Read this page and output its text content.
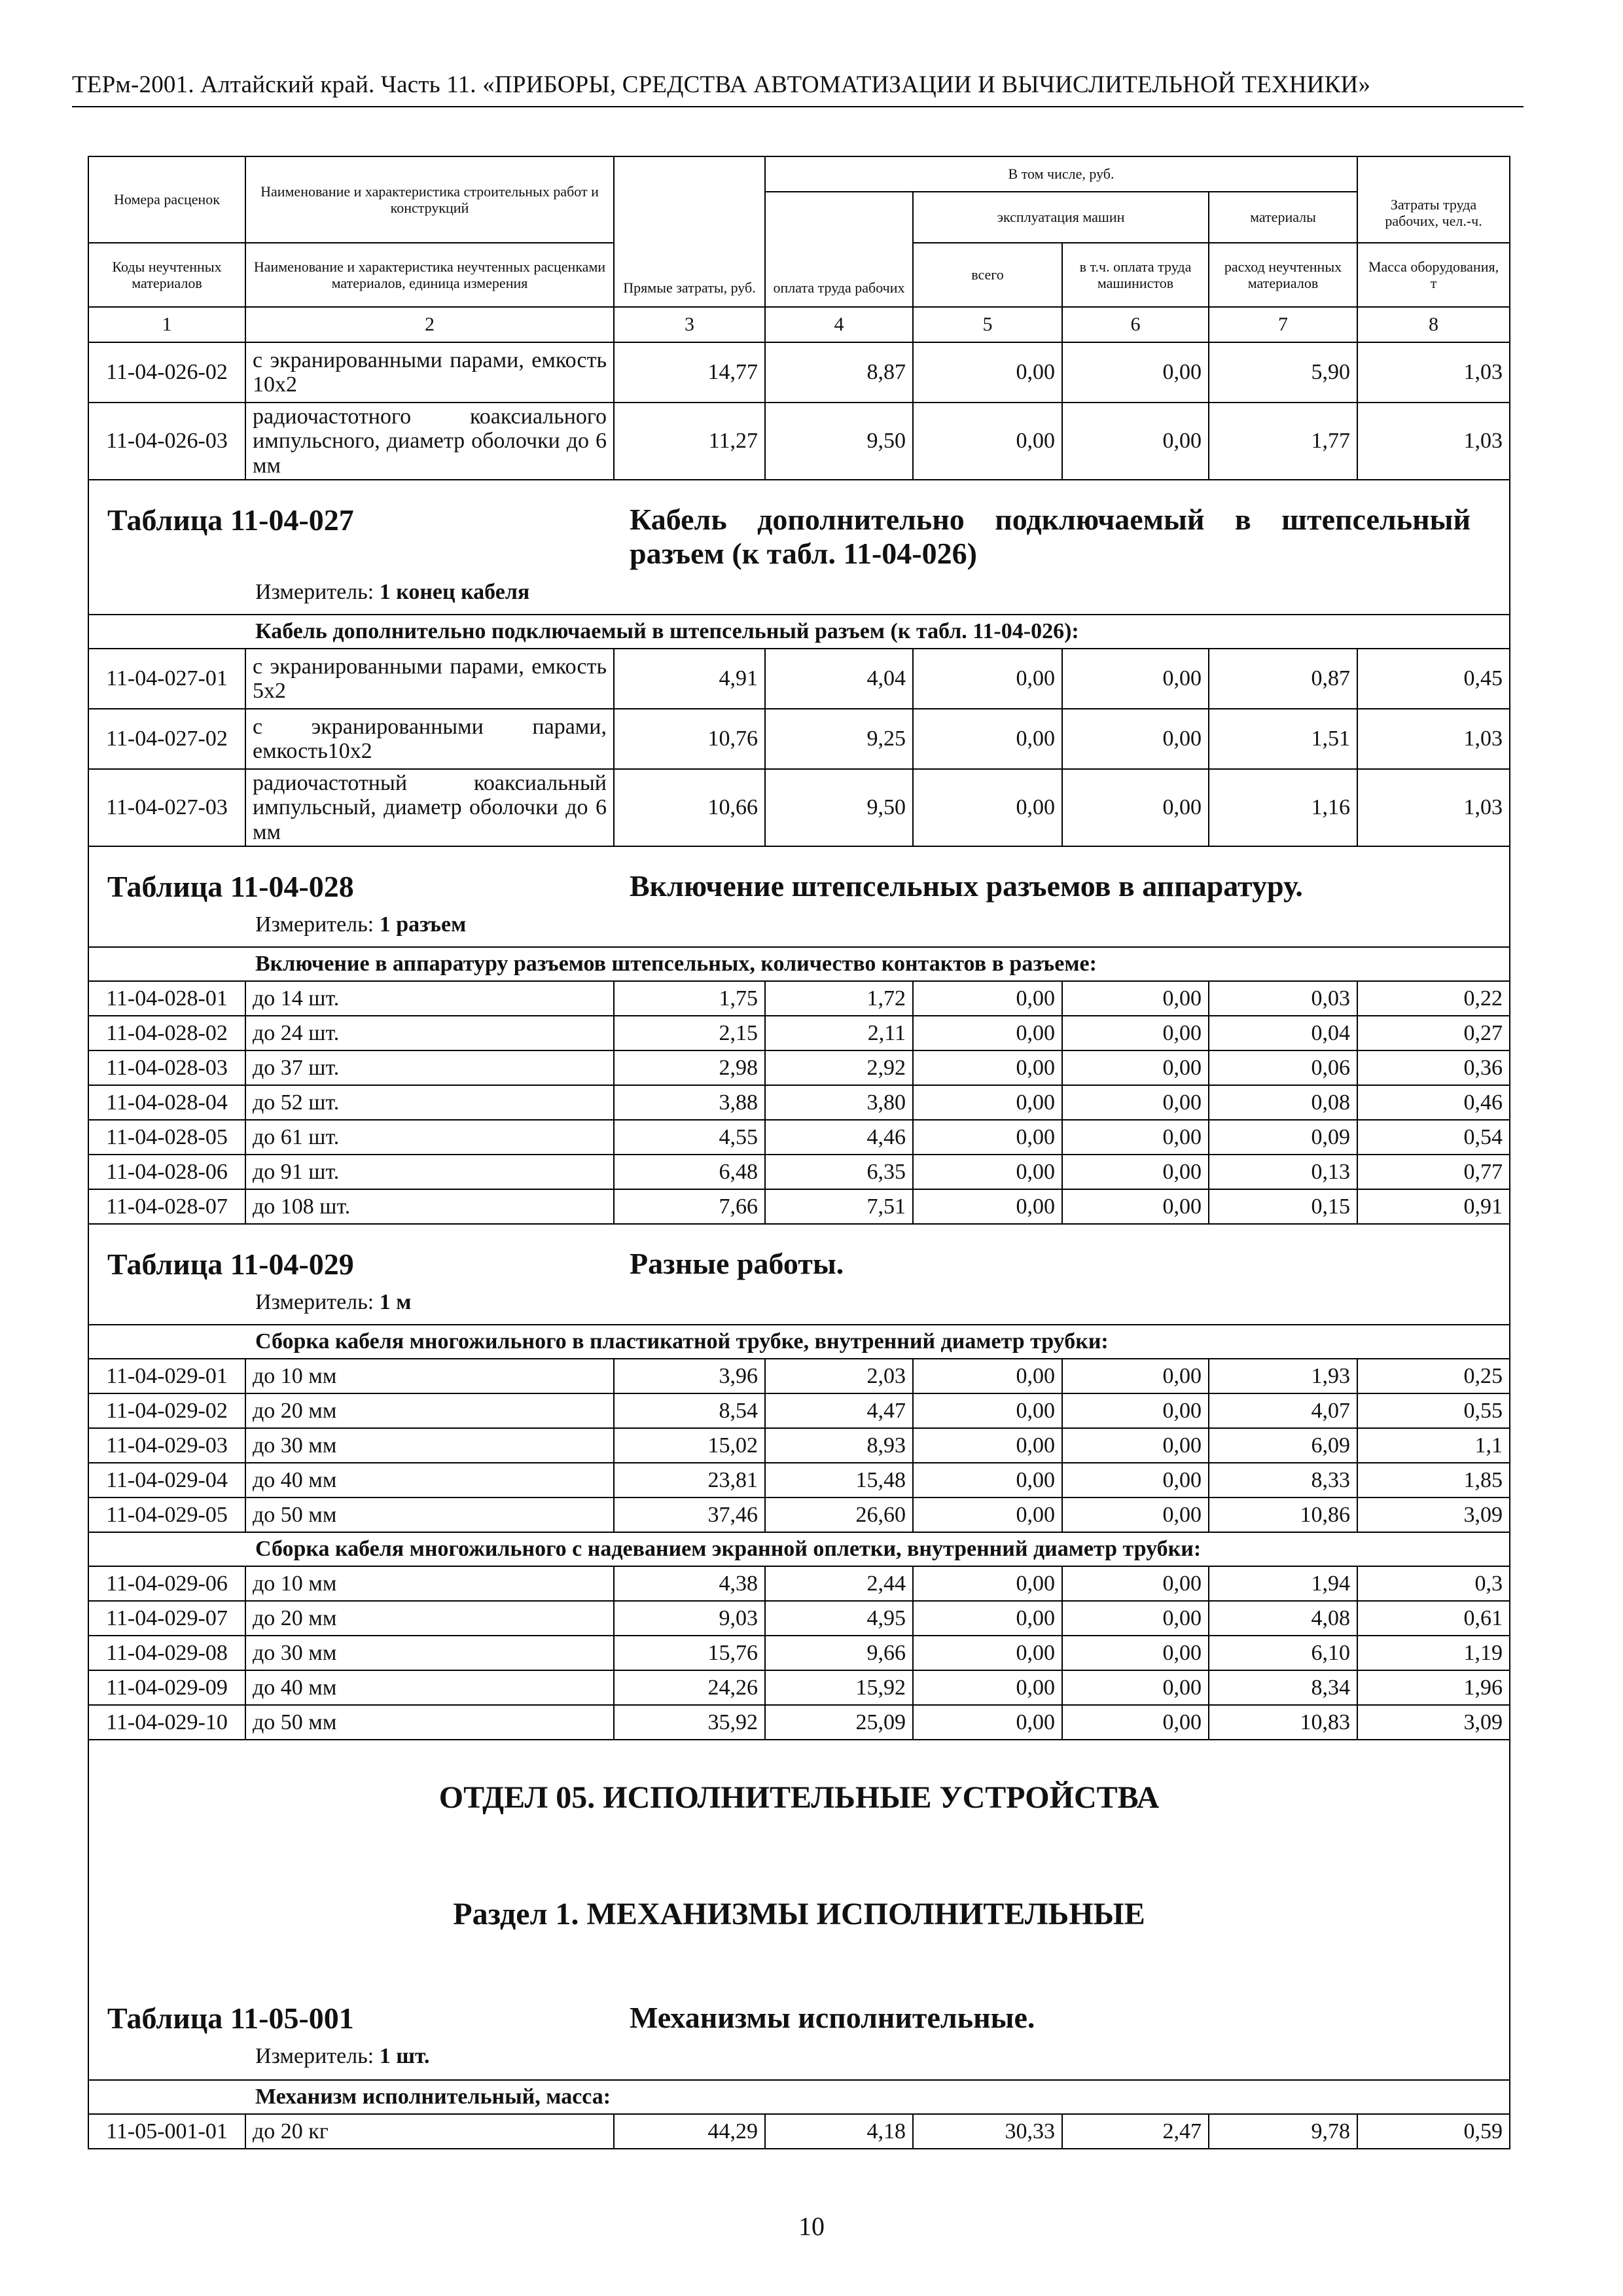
ТЕРм-2001. Алтайский край. Часть 11. «ПРИБОРЫ, СРЕДСТВА АВТОМАТИЗАЦИИ И ВЫЧИСЛИТЕЛЬНОЙ ТЕХНИКИ»
Номера расценок	Наименование и характеристика строительных работ и конструкций	Прямые затраты, руб.	В том числе, руб.				Затраты труда рабочих, чел.-ч.
			оплата труда рабочих	эксплуатация машин		материалы	
Коды неучтенных материалов	Наименование и характеристика неучтенных расценками материалов, единица измерения			всего	в т.ч. оплата труда машинистов	расход неучтенных материалов	Масса оборудования, т
1	2	3	4	5	6	7	8
11-04-026-02	с экранированными парами, емкость 10х2	14,77	8,87	0,00	0,00	5,90	1,03
11-04-026-03	радиочастотного коаксиального импульсного, диаметр оболочки до 6 мм	11,27	9,50	0,00	0,00	1,77	1,03

Таблица 11-04-027 Кабель дополнительно подключаемый в штепсельный разъем (к табл. 11-04-026)
Измеритель: 1 конец кабеля							

Кабель дополнительно подключаемый в штепсельный разъем (к табл. 11-04-026):							
11-04-027-01	с экранированными парами, емкость 5х2	4,91	4,04	0,00	0,00	0,87	0,45
11-04-027-02	с экранированными парами, емкость10х2	10,76	9,25	0,00	0,00	1,51	1,03
11-04-027-03	радиочастотный коаксиальный импульсный, диаметр оболочки до 6 мм	10,66	9,50	0,00	0,00	1,16	1,03

Таблица 11-04-028 Включение штепсельных разъемов в аппаратуру.
Измеритель: 1 разъем							

Включение в аппаратуру разъемов штепсельных, количество контактов в разъеме:							
11-04-028-01	до 14 шт.	1,75	1,72	0,00	0,00	0,03	0,22
11-04-028-02	до 24 шт.	2,15	2,11	0,00	0,00	0,04	0,27
11-04-028-03	до 37 шт.	2,98	2,92	0,00	0,00	0,06	0,36
11-04-028-04	до 52 шт.	3,88	3,80	0,00	0,00	0,08	0,46
11-04-028-05	до 61 шт.	4,55	4,46	0,00	0,00	0,09	0,54
11-04-028-06	до 91 шт.	6,48	6,35	0,00	0,00	0,13	0,77
11-04-028-07	до 108 шт.	7,66	7,51	0,00	0,00	0,15	0,91

Таблица 11-04-029 Разные работы.
Измеритель: 1 м							

Сборка кабеля многожильного в пластикатной трубке, внутренний диаметр трубки:							
11-04-029-01	до 10 мм	3,96	2,03	0,00	0,00	1,93	0,25
11-04-029-02	до 20 мм	8,54	4,47	0,00	0,00	4,07	0,55
11-04-029-03	до 30 мм	15,02	8,93	0,00	0,00	6,09	1,1
11-04-029-04	до 40 мм	23,81	15,48	0,00	0,00	8,33	1,85
11-04-029-05	до 50 мм	37,46	26,60	0,00	0,00	10,86	3,09
Сборка кабеля многожильного с надеванием экранной оплетки, внутренний диаметр трубки:							
11-04-029-06	до 10 мм	4,38	2,44	0,00	0,00	1,94	0,3
11-04-029-07	до 20 мм	9,03	4,95	0,00	0,00	4,08	0,61
11-04-029-08	до 30 мм	15,76	9,66	0,00	0,00	6,10	1,19
11-04-029-09	до 40 мм	24,26	15,92	0,00	0,00	8,34	1,96
11-04-029-10	до 50 мм	35,92	25,09	0,00	0,00	10,83	3,09

ОТДЕЛ 05. ИСПОЛНИТЕЛЬНЫЕ УСТРОЙСТВА
Раздел 1. МЕХАНИЗМЫ ИСПОЛНИТЕЛЬНЫЕ
Таблица 11-05-001 Механизмы исполнительные.
Измеритель: 1 шт.							

Механизм исполнительный, масса:							
11-05-001-01	до 20 кг	44,29	4,18	30,33	2,47	9,78	0,59
10
